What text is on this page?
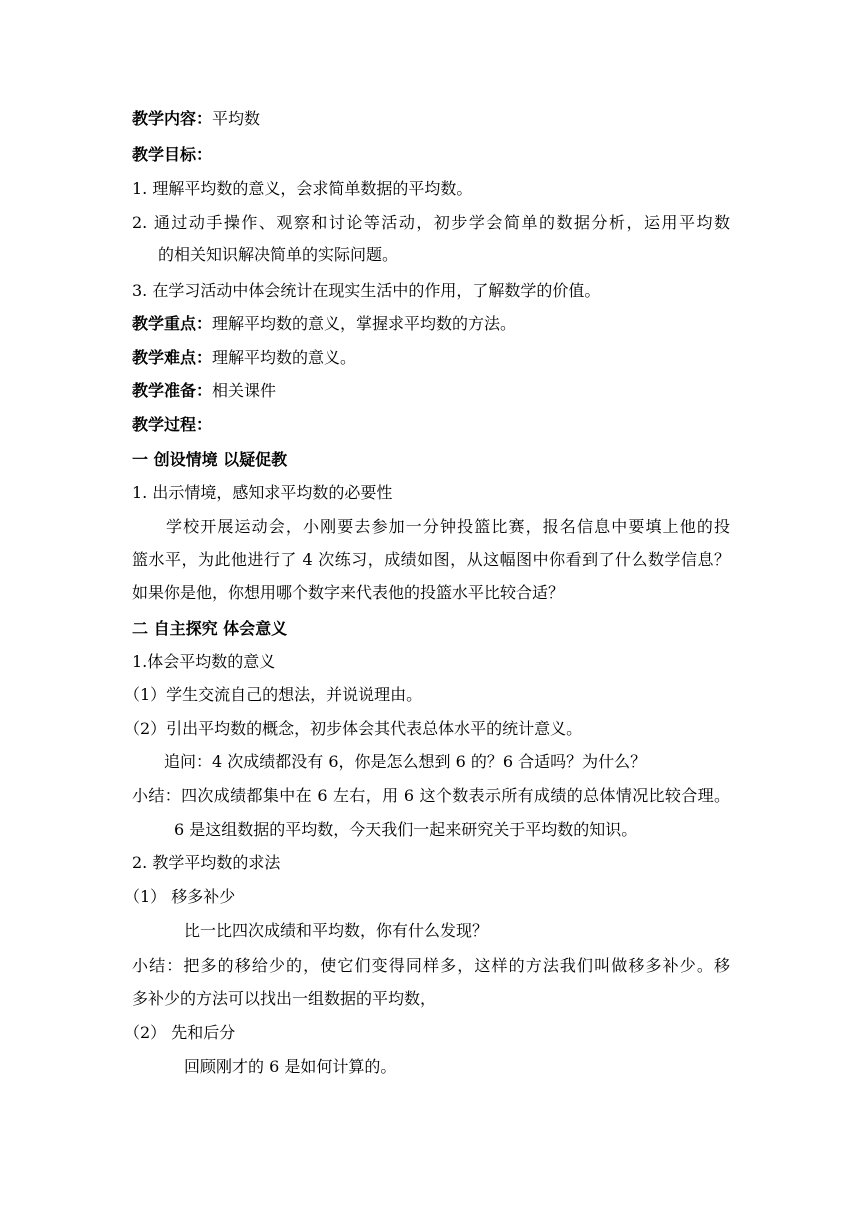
教学内容：平均数
教学目标：
1. 理解平均数的意义，会求简单数据的平均数。
2. 通过动手操作、观察和讨论等活动，初步学会简单的数据分析，运用平均数
的相关知识解决简单的实际问题。
3. 在学习活动中体会统计在现实生活中的作用，了解数学的价值。
教学重点：理解平均数的意义，掌握求平均数的方法。
教学难点：理解平均数的意义。
教学准备：相关课件
教学过程：
一 创设情境 以疑促教
1. 出示情境，感知求平均数的必要性
学校开展运动会，小刚要去参加一分钟投篮比赛，报名信息中要填上他的投
篮水平，为此他进行了 4 次练习，成绩如图，从这幅图中你看到了什么数学信息？
如果你是他，你想用哪个数字来代表他的投篮水平比较合适？
二 自主探究 体会意义
1.体会平均数的意义
（1）学生交流自己的想法，并说说理由。
（2）引出平均数的概念，初步体会其代表总体水平的统计意义。
追问：4 次成绩都没有 6，你是怎么想到 6 的？6 合适吗？为什么？
小结：四次成绩都集中在 6 左右，用 6 这个数表示所有成绩的总体情况比较合理。
6 是这组数据的平均数，今天我们一起来研究关于平均数的知识。
2. 教学平均数的求法
（1） 移多补少
比一比四次成绩和平均数，你有什么发现？
小结：把多的移给少的，使它们变得同样多，这样的方法我们叫做移多补少。移
多补少的方法可以找出一组数据的平均数，
（2） 先和后分
回顾刚才的 6 是如何计算的。
